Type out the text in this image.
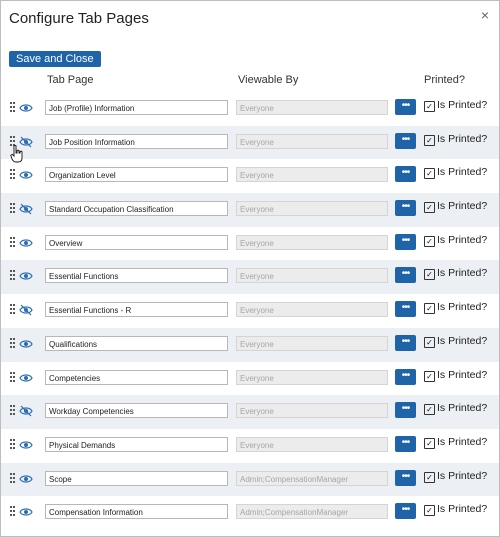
Configure Tab Pages	×
Save and Close
Tab Page	Viewable By	Printed?
Job (Profile) Information	Everyone	•••	✓ Is Printed?
Job Position Information	Everyone	•••	✓ Is Printed?
Organization Level	Everyone	•••	✓ Is Printed?
Standard Occupation Classification	Everyone	•••	✓ Is Printed?
Overview	Everyone	•••	✓ Is Printed?
Essential Functions	Everyone	•••	✓ Is Printed?
Essential Functions - R	Everyone	•••	✓ Is Printed?
Qualifications	Everyone	•••	✓ Is Printed?
Competencies	Everyone	•••	✓ Is Printed?
Workday Competencies	Everyone	•••	✓ Is Printed?
Physical Demands	Everyone	•••	✓ Is Printed?
Scope	Admin;CompensationManager	•••	✓ Is Printed?
Compensation Information	Admin;CompensationManager	•••	✓ Is Printed?
